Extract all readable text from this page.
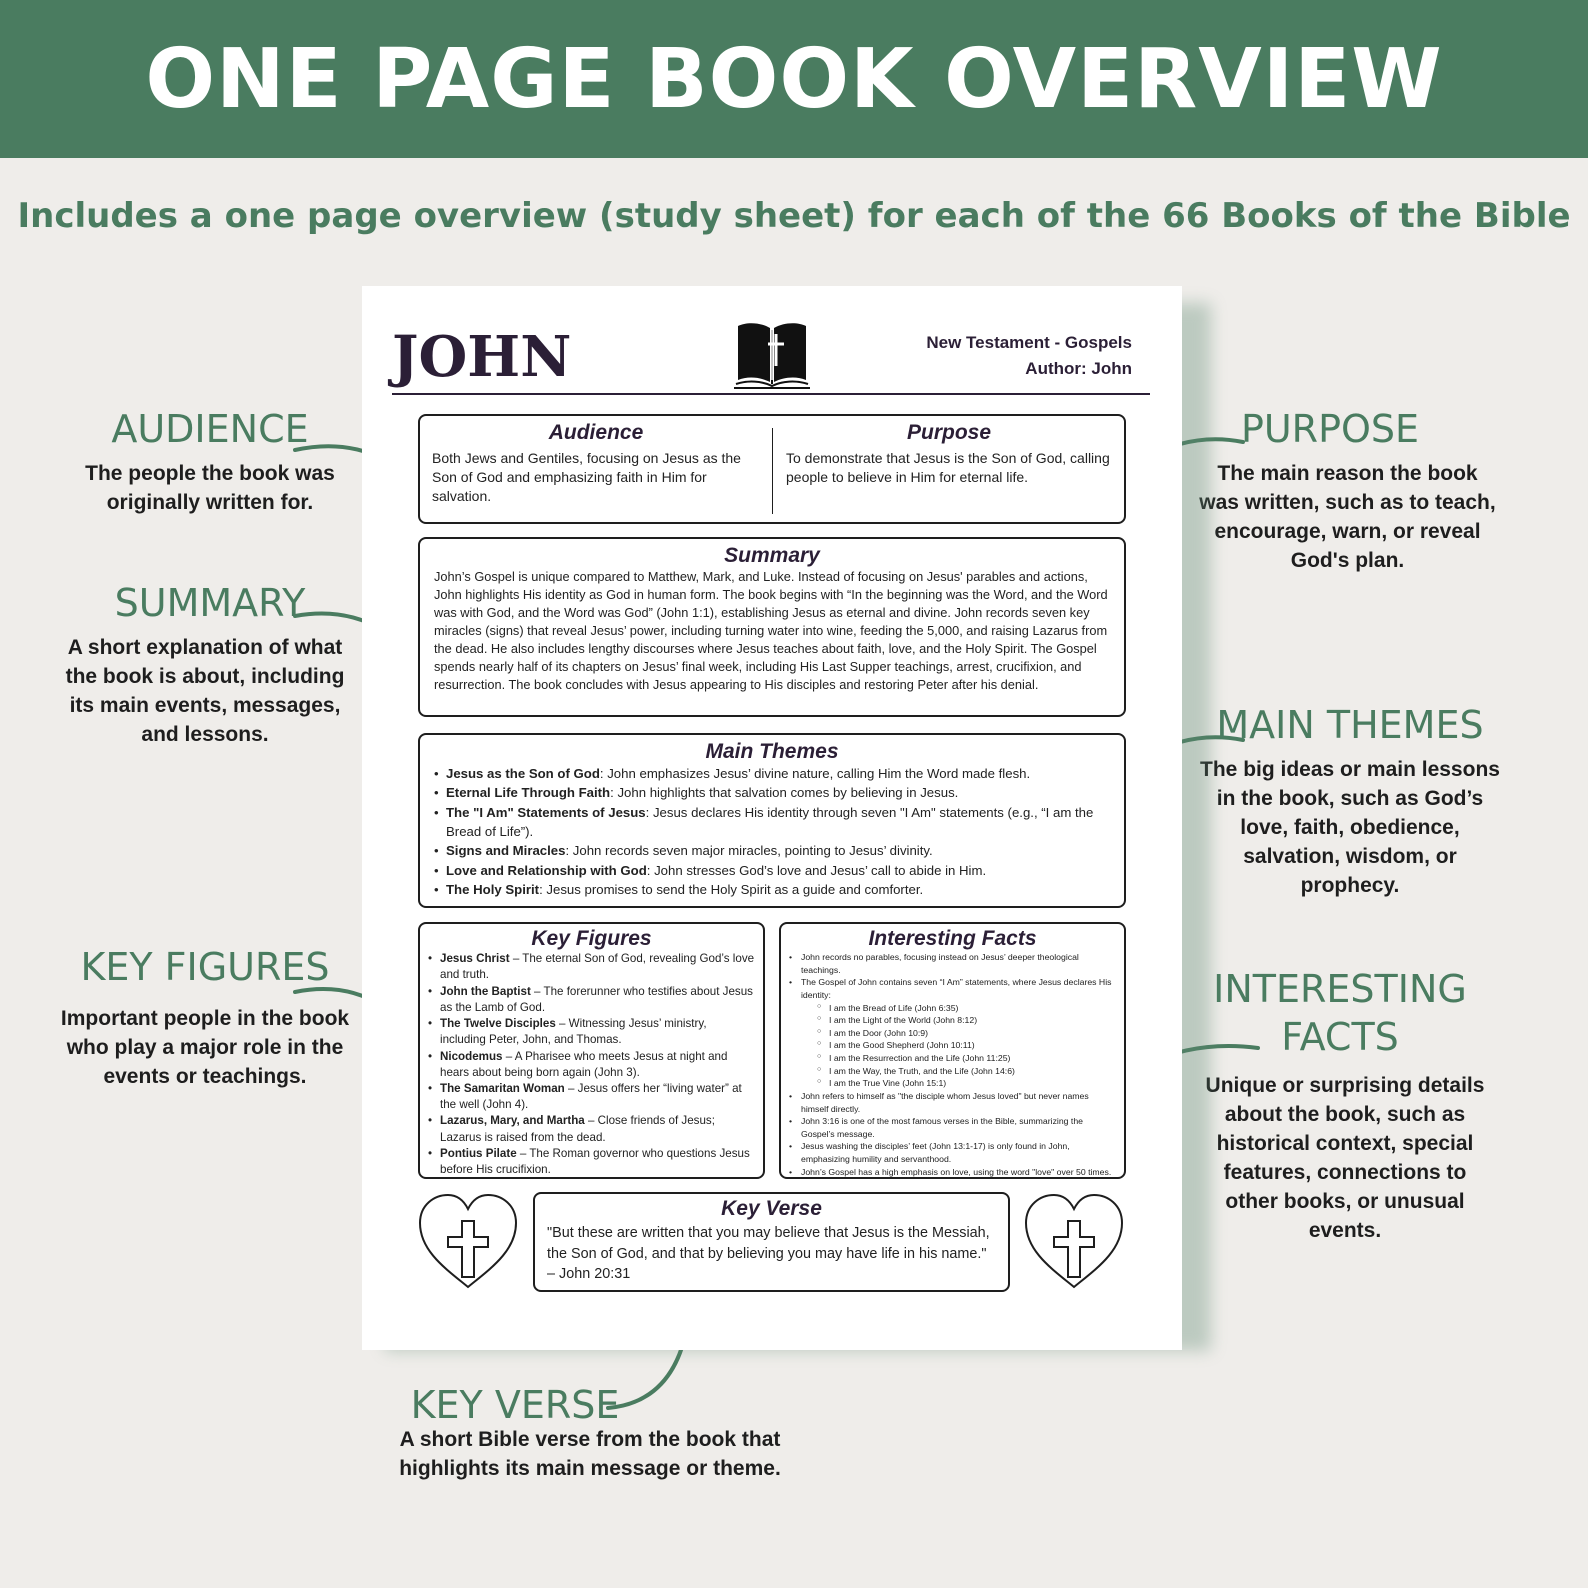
ONE PAGE BOOK OVERVIEW
Includes a one page overview (study sheet) for each of the 66 Books of the Bible
AUDIENCE
The people the book was
originally written for.
SUMMARY
A short explanation of what
the book is about, including
its main events, messages,
and lessons.
KEY FIGURES
Important people in the book
who play a major role in the
events or teachings.
PURPOSE
The main reason the book
was written, such as to teach,
encourage, warn, or reveal
God's plan.
MAIN THEMES
The big ideas or main lessons
in the book, such as God’s
love, faith, obedience,
salvation, wisdom, or
prophecy.
INTERESTING
FACTS
Unique or surprising details
about the book, such as
historical context, special
features, connections to
other books, or unusual
events.
KEY VERSE
A short Bible verse from the book that
highlights its main message or theme.
JOHN	New Testament - Gospels
Author: John
Audience
Both Jews and Gentiles, focusing on Jesus as the Son of God and emphasizing faith in Him for salvation.
Purpose
To demonstrate that Jesus is the Son of God, calling people to believe in Him for eternal life.
Summary
John’s Gospel is unique compared to Matthew, Mark, and Luke. Instead of focusing on Jesus' parables and actions, John highlights His identity as God in human form. The book begins with “In the beginning was the Word, and the Word was with God, and the Word was God” (John 1:1), establishing Jesus as eternal and divine. John records seven key miracles (signs) that reveal Jesus’ power, including turning water into wine, feeding the 5,000, and raising Lazarus from the dead. He also includes lengthy discourses where Jesus teaches about faith, love, and the Holy Spirit. The Gospel spends nearly half of its chapters on Jesus’ final week, including His Last Supper teachings, arrest, crucifixion, and resurrection. The book concludes with Jesus appearing to His disciples and restoring Peter after his denial.
Main Themes
• Jesus as the Son of God: John emphasizes Jesus’ divine nature, calling Him the Word made flesh.
• Eternal Life Through Faith: John highlights that salvation comes by believing in Jesus.
• The "I Am" Statements of Jesus: Jesus declares His identity through seven "I Am" statements (e.g., “I am the Bread of Life”).
• Signs and Miracles: John records seven major miracles, pointing to Jesus’ divinity.
• Love and Relationship with God: John stresses God’s love and Jesus’ call to abide in Him.
• The Holy Spirit: Jesus promises to send the Holy Spirit as a guide and comforter.
Key Figures
• Jesus Christ – The eternal Son of God, revealing God’s love and truth.
• John the Baptist – The forerunner who testifies about Jesus as the Lamb of God.
• The Twelve Disciples – Witnessing Jesus’ ministry, including Peter, John, and Thomas.
• Nicodemus – A Pharisee who meets Jesus at night and hears about being born again (John 3).
• The Samaritan Woman – Jesus offers her “living water” at the well (John 4).
• Lazarus, Mary, and Martha – Close friends of Jesus; Lazarus is raised from the dead.
• Pontius Pilate – The Roman governor who questions Jesus before His crucifixion.
Interesting Facts
• John records no parables, focusing instead on Jesus’ deeper theological teachings.
• The Gospel of John contains seven “I Am” statements, where Jesus declares His identity:
○ I am the Bread of Life (John 6:35)
○ I am the Light of the World (John 8:12)
○ I am the Door (John 10:9)
○ I am the Good Shepherd (John 10:11)
○ I am the Resurrection and the Life (John 11:25)
○ I am the Way, the Truth, and the Life (John 14:6)
○ I am the True Vine (John 15:1)
• John refers to himself as "the disciple whom Jesus loved" but never names himself directly.
• John 3:16 is one of the most famous verses in the Bible, summarizing the Gospel’s message.
• Jesus washing the disciples’ feet (John 13:1-17) is only found in John, emphasizing humility and servanthood.
• John’s Gospel has a high emphasis on love, using the word "love" over 50 times.
Key Verse
"But these are written that you may believe that Jesus is the Messiah, the Son of God, and that by believing you may have life in his name." – John 20:31
